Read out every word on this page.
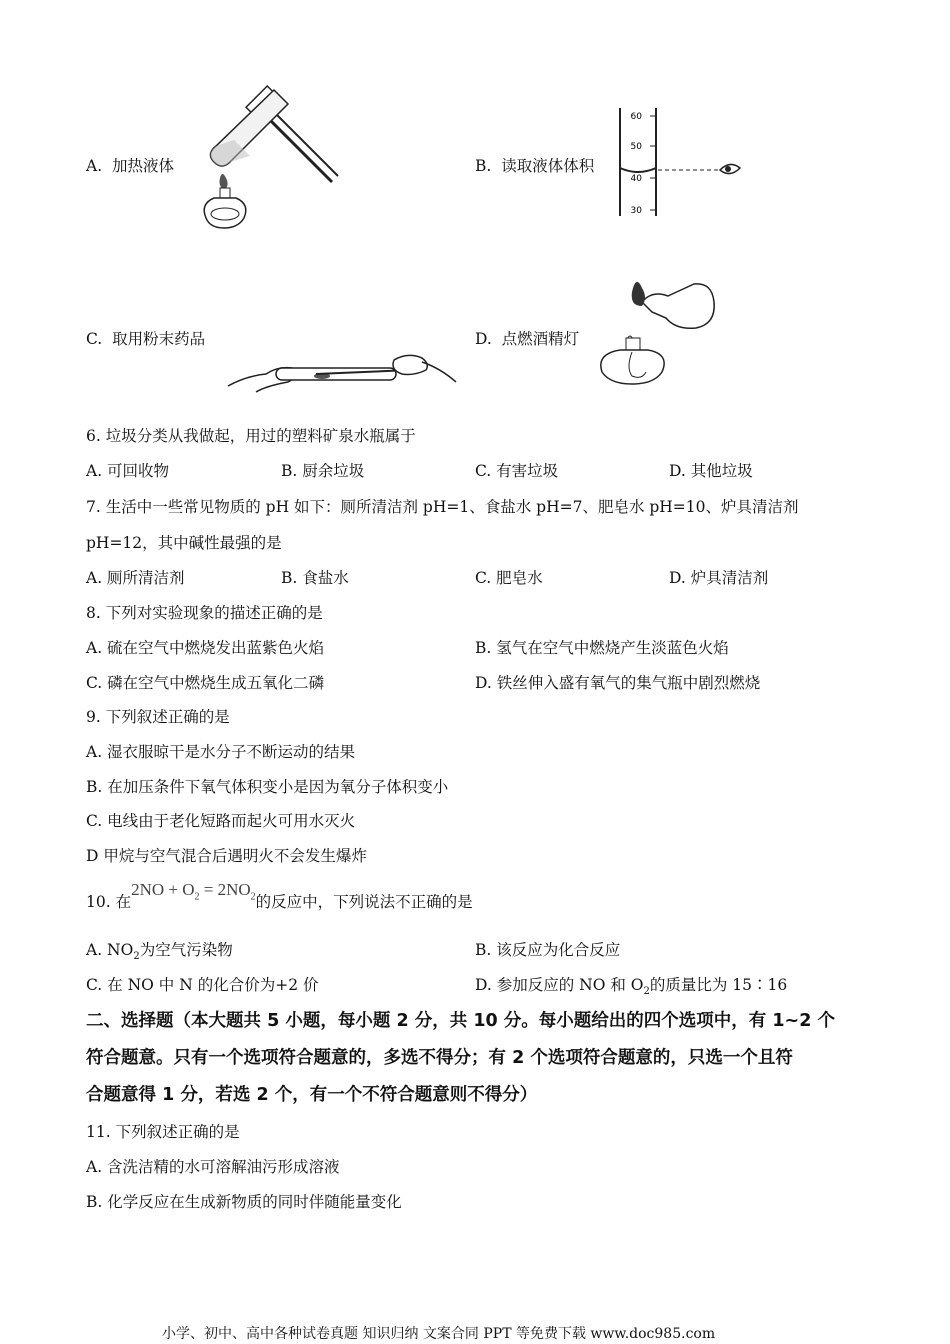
A. 加热液体	B. 读取液体体积
60
50
40
30
C. 取用粉末药品	D. 点燃酒精灯
6. 垃圾分类从我做起，用过的塑料矿泉水瓶属于
A. 可回收物	B. 厨余垃圾	C. 有害垃圾	D. 其他垃圾
7. 生活中一些常见物质的 pH 如下：厕所清洁剂 pH=1、食盐水 pH=7、肥皂水 pH=10、炉具清洁剂
pH=12，其中碱性最强的是
A. 厕所清洁剂	B. 食盐水	C. 肥皂水	D. 炉具清洁剂
8. 下列对实验现象的描述正确的是
A. 硫在空气中燃烧发出蓝紫色火焰	B. 氢气在空气中燃烧产生淡蓝色火焰
C. 磷在空气中燃烧生成五氧化二磷	D. 铁丝伸入盛有氧气的集气瓶中剧烈燃烧
9. 下列叙述正确的是
A. 湿衣服晾干是水分子不断运动的结果
B. 在加压条件下氧气体积变小是因为氧分子体积变小
C. 电线由于老化短路而起火可用水灭火
D 甲烷与空气混合后遇明火不会发生爆炸
10. 在$2NO + O_2 = 2NO_2$的反应中，下列说法不正确的是
A. $NO_2$为空气污染物	B. 该反应为化合反应
C. 在 NO 中 N 的化合价为+2 价	D. 参加反应的 NO 和 $O_2$的质量比为 15∶16
二、选择题（本大题共 5 小题，每小题 2 分，共 10 分。每小题给出的四个选项中，有 1~2 个
符合题意。只有一个选项符合题意的，多选不得分；有 2 个选项符合题意的，只选一个且符
合题意得 1 分，若选 2 个，有一个不符合题意则不得分）
11. 下列叙述正确的是
A. 含洗洁精的水可溶解油污形成溶液
B. 化学反应在生成新物质的同时伴随能量变化
小学、初中、高中各种试卷真题 知识归纳 文案合同 PPT 等免费下载 www.doc985.com
